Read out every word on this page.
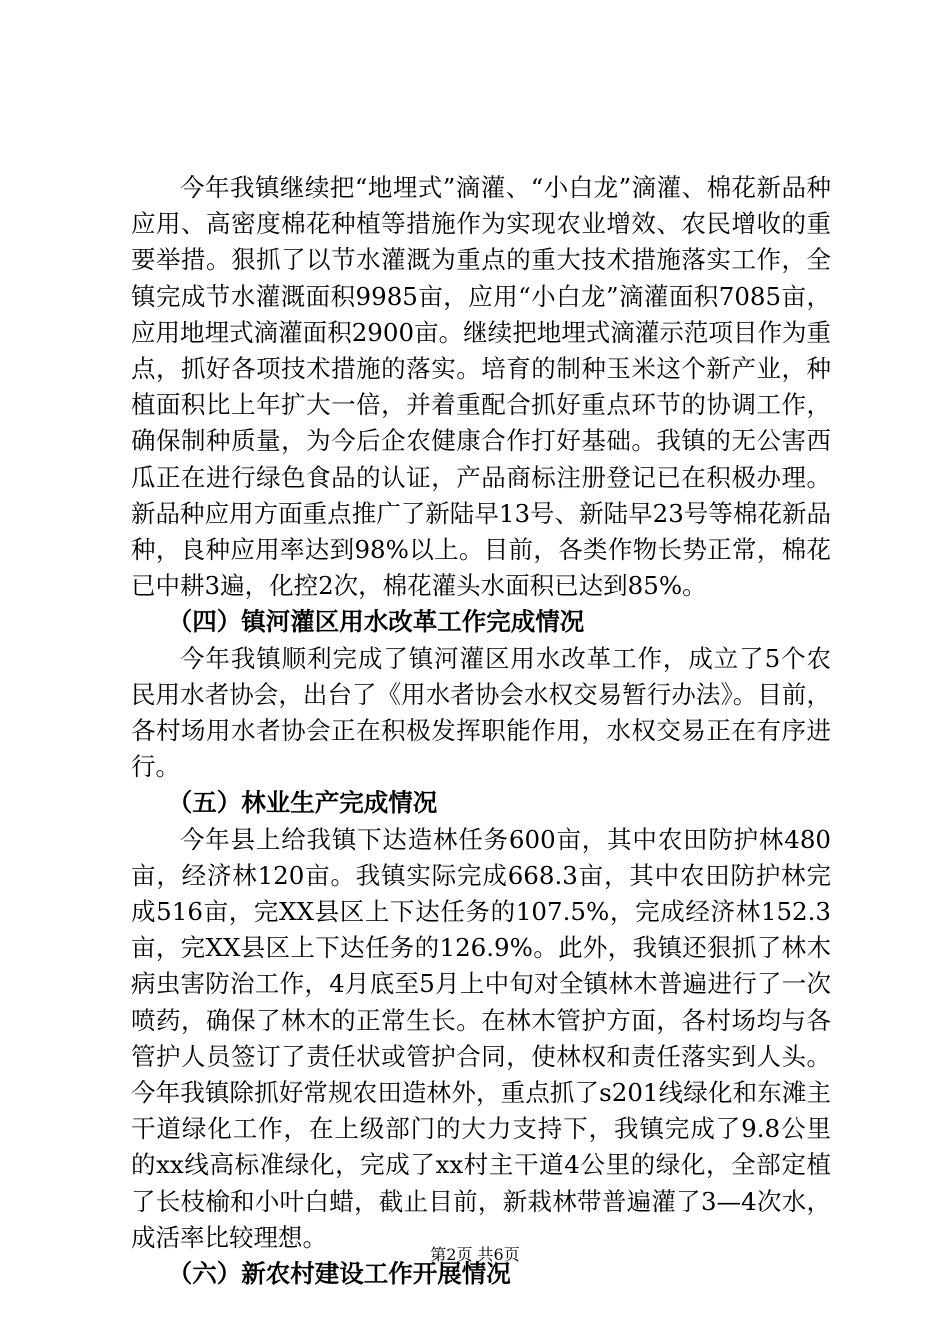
今年我镇继续把“地埋式”滴灌、“小白龙”滴灌、棉花新品种应用、高密度棉花种植等措施作为实现农业增效、农民增收的重要举措。狠抓了以节水灌溉为重点的重大技术措施落实工作，全镇完成节水灌溉面积9985亩，应用“小白龙”滴灌面积7085亩，应用地埋式滴灌面积2900亩。继续把地埋式滴灌示范项目作为重点，抓好各项技术措施的落实。培育的制种玉米这个新产业，种植面积比上年扩大一倍，并着重配合抓好重点环节的协调工作，确保制种质量，为今后企农健康合作打好基础。我镇的无公害西瓜正在进行绿色食品的认证，产品商标注册登记已在积极办理。新品种应用方面重点推广了新陆早13号、新陆早23号等棉花新品种，良种应用率达到98%以上。目前，各类作物长势正常，棉花已中耕3遍，化控2次，棉花灌头水面积已达到85%。

（四）镇河灌区用水改革工作完成情况

今年我镇顺利完成了镇河灌区用水改革工作，成立了5个农民用水者协会，出台了《用水者协会水权交易暂行办法》。目前，各村场用水者协会正在积极发挥职能作用，水权交易正在有序进行。

（五）林业生产完成情况

今年县上给我镇下达造林任务600亩，其中农田防护林480亩，经济林120亩。我镇实际完成668.3亩，其中农田防护林完成516亩，完XX县区上下达任务的107.5%，完成经济林152.3亩，完XX县区上下达任务的126.9%。此外，我镇还狠抓了林木病虫害防治工作，4月底至5月上中旬对全镇林木普遍进行了一次喷药，确保了林木的正常生长。在林木管护方面，各村场均与各管护人员签订了责任状或管护合同，使林权和责任落实到人头。今年我镇除抓好常规农田造林外，重点抓了s201线绿化和东滩主干道绿化工作，在上级部门的大力支持下，我镇完成了9.8公里的xx线高标准绿化，完成了xx村主干道4公里的绿化，全部定植了长枝榆和小叶白蜡，截止目前，新栽林带普遍灌了3—4次水，成活率比较理想。

（六）新农村建设工作开展情况

第2页 共6页
